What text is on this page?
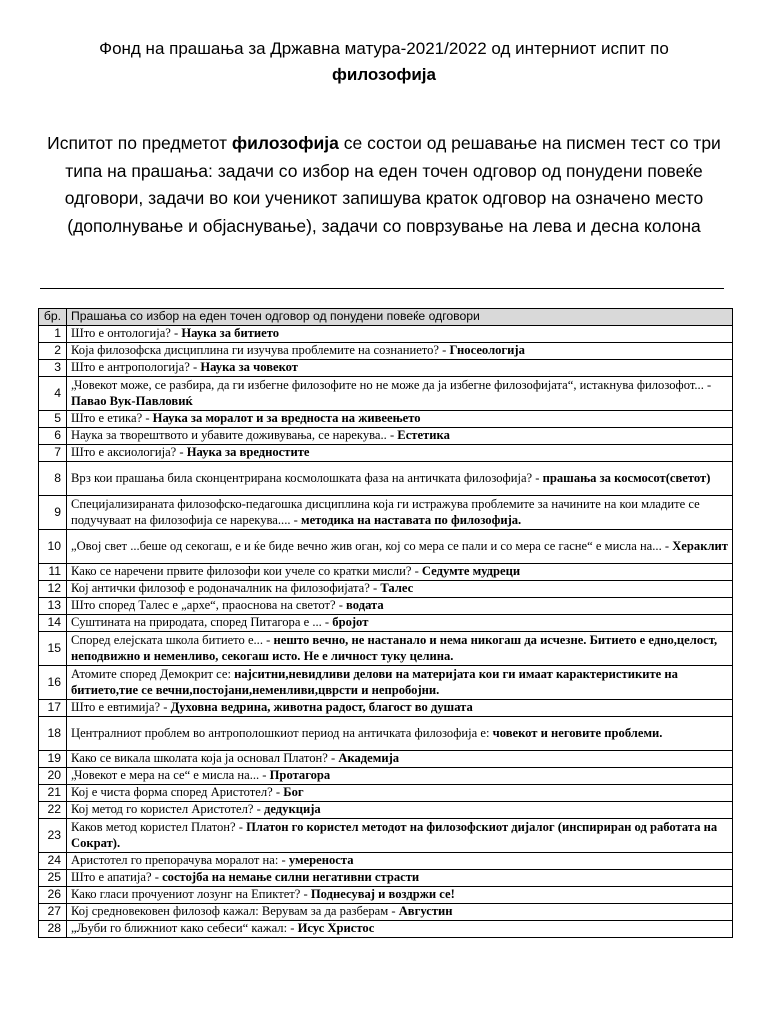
Фонд на прашања за Државна матура-2021/2022 од интерниот испит по
филозофија
Испитот по предметот филозофија се состои од решавање на писмен тест со три типа на прашања: задачи со избор на еден точен одговор од понудени повеќе одговори, задачи во кои ученикот запишува краток одговор на означено место (дополнување и објаснување), задачи со поврзување на лева и десна колона
бр.	Прашања со избор на еден точен одговор од понудени повеќе одговори
1	Што е онтологија? - Наука за битието
2	Која филозофска дисциплина ги изучува проблемите на сознанието? - Гносеологија
3	Што е антропологија? - Наука за човекот
4	„Човекот може, се разбира, да ги избегне филозофите но не може да ја избегне филозофијата“, истакнува филозофот... - Павао Вук-Павловиќ
5	Што е етика? - Наука за моралот и за вредноста на живеењето
6	Наука за творештвото и убавите доживувања, се нарекува.. - Естетика
7	Што е аксиологија? - Наука за вредностите
8	Врз кои прашања била сконцентрирана космолошката фаза на античката филозофија? - прашања за космосот(светот)
9	Специјализираната филозофско-педагошка дисциплина која ги истражува проблемите за начините на кои младите се подучуваат на филозофија се нарекува.... - методика на наставата по филозофија.
10	„Овој свет ...беше од секогаш, е и ќе биде вечно жив оган, кој со мера се пали и со мера се гасне“ е мисла на... - Хераклит
11	Како се наречени првите филозофи кои учеле со кратки мисли? - Седумте мудреци
12	Кој антички филозоф е родоначалник на филозофијата? - Талес
13	Што според Талес е „архе“, праоснова на светот? - водата
14	Суштината на природата, според Питагора е ... - бројот
15	Според елејската школа битието е... - нешто вечно, не настанало и нема никогаш да исчезне. Битието е едно,целост, неподвижно и неменливо, секогаш исто. Не е личност туку целина.
16	Атомите според Демокрит се: најситни,невидливи делови на материјата кои ги имаат карактеристиките на битието,тие се вечни,постојани,неменливи,цврсти и непробојни.
17	Што е евтимија? - Духовна ведрина, животна радост, благост во душата
18	Централниот проблем во антрополошкиот период на античката филозофија е: човекот и неговите проблеми.
19	Како се викала школата која ја основал Платон? - Академија
20	„Човекот е мера на се“ е мисла на... - Протагора
21	Кој е чиста форма според Аристотел? - Бог
22	Кој метод го користел Аристотел? - дедукција
23	Каков метод користел Платон? - Платон го користел методот на филозофскиот дијалог (инспириран од работата на Сократ).
24	Аристотел го препорачува моралот на: - умереноста
25	Што е апатија? - состојба на немање силни негативни страсти
26	Како гласи прочуениот лозунг на Епиктет? - Поднесувај и воздржи се!
27	Кој средновековен филозоф кажал: Верувам за да разберам - Августин
28	„Љуби го ближниот како себеси“ кажал: - Исус Христос
